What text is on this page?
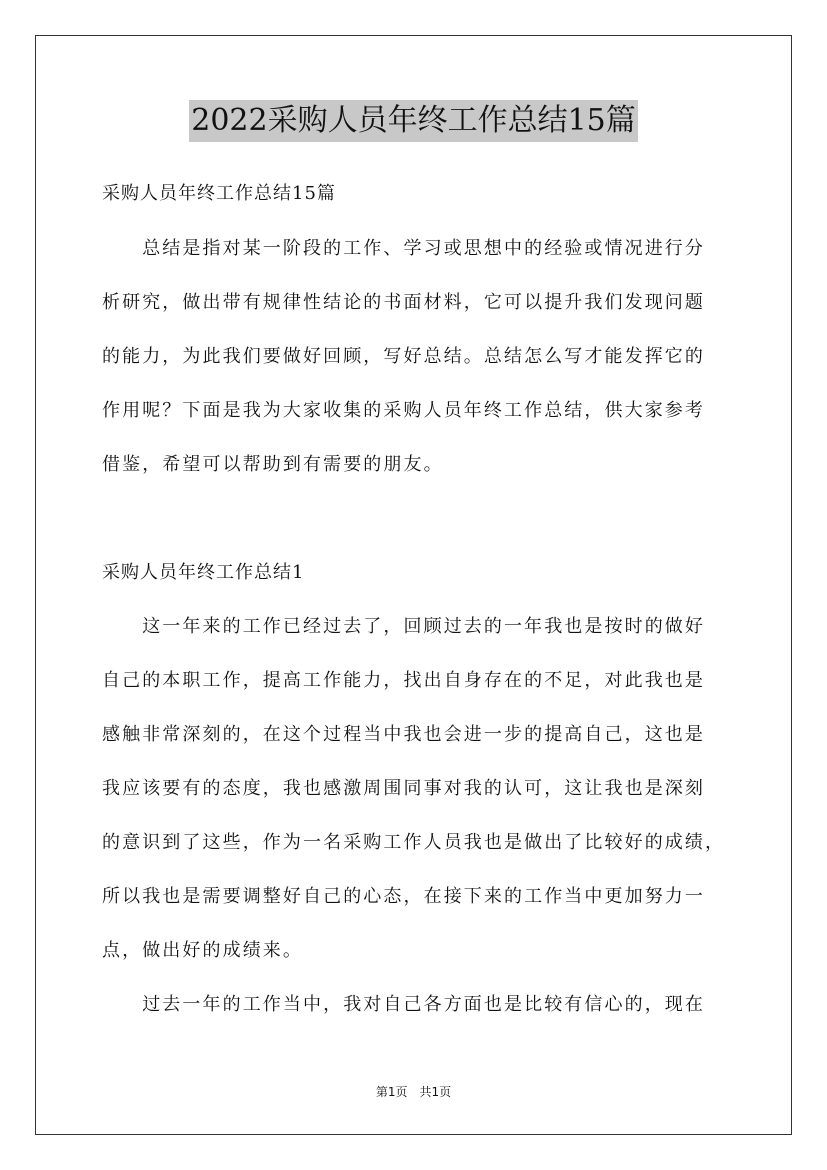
2022采购人员年终工作总结15篇
采购人员年终工作总结15篇
　　总结是指对某一阶段的工作、学习或思想中的经验或情况进行分
析研究，做出带有规律性结论的书面材料，它可以提升我们发现问题
的能力，为此我们要做好回顾，写好总结。总结怎么写才能发挥它的
作用呢？下面是我为大家收集的采购人员年终工作总结，供大家参考
借鉴，希望可以帮助到有需要的朋友。
采购人员年终工作总结1
　　这一年来的工作已经过去了，回顾过去的一年我也是按时的做好
自己的本职工作，提高工作能力，找出自身存在的不足，对此我也是
感触非常深刻的，在这个过程当中我也会进一步的提高自己，这也是
我应该要有的态度，我也感激周围同事对我的认可，这让我也是深刻
的意识到了这些，作为一名采购工作人员我也是做出了比较好的成绩，
所以我也是需要调整好自己的心态，在接下来的工作当中更加努力一
点，做出好的成绩来。
　　过去一年的工作当中，我对自己各方面也是比较有信心的，现在
第1页　共1页
